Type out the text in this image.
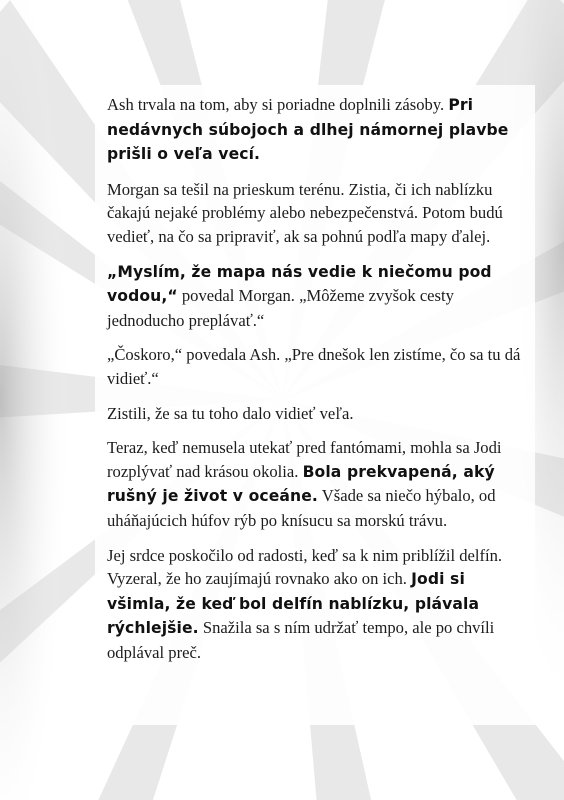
Ash trvala na tom, aby si poriadne doplnili zásoby. Pri nedávnych súbojoch a dlhej námornej plavbe prišli o veľa vecí.

Morgan sa tešil na prieskum terénu. Zistia, či ich nablízku čakajú nejaké problémy alebo nebezpečenstvá. Potom budú vedieť, na čo sa pripraviť, ak sa pohnú podľa mapy ďalej.

„Myslím, že mapa nás vedie k niečomu pod vodou,“ povedal Morgan. „Môžeme zvyšok cesty jednoducho preplávať.“

„Čoskoro,“ povedala Ash. „Pre dnešok len zistíme, čo sa tu dá vidieť.“

Zistili, že sa tu toho dalo vidieť veľa.

Teraz, keď nemusela utekať pred fantómami, mohla sa Jodi rozplývať nad krásou okolia. Bola prekvapená, aký rušný je život v oceáne. Všade sa niečo hýbalo, od uháňajúcich húfov rýb po knísucu sa morskú trávu.

Jej srdce poskočilo od radosti, keď sa k nim priblížil delfín. Vyzeral, že ho zaujímajú rovnako ako on ich. Jodi si všimla, že keď bol delfín nablízku, plávala rýchlejšie. Snažila sa s ním udržať tempo, ale po chvíli odplával preč.
